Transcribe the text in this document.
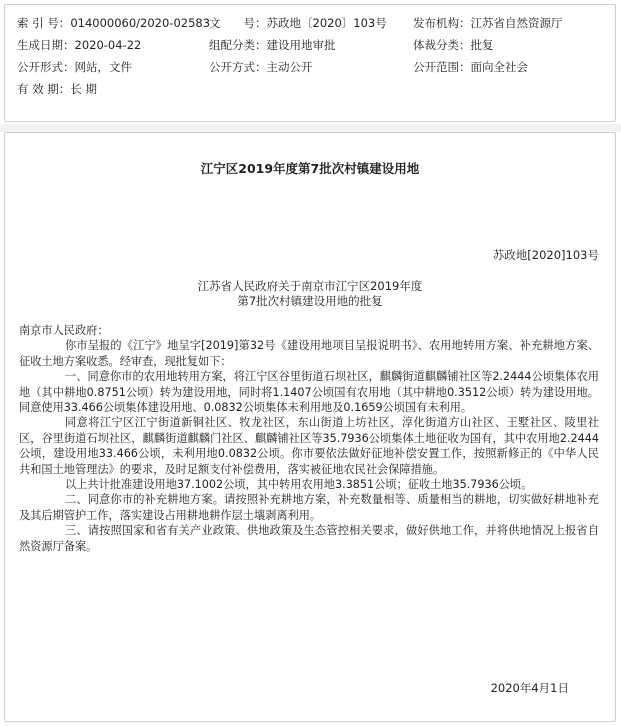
索 引 号：014000060/2020-02583
文　　号：苏政地〔2020〕103号 发布机构：江苏省自然资源厅
生成日期：2020-04-22	组配分类：建设用地审批	体裁分类：批复
公开形式：网站，文件	公开方式：主动公开	公开范围：面向全社会
有 效 期：长 期
江宁区2019年度第7批次村镇建设用地
苏政地[2020]103号
江苏省人民政府关于南京市江宁区2019年度
第7批次村镇建设用地的批复

南京市人民政府：

你市呈报的《江宁》地呈字[2019]第32号《建设用地项目呈报说明书》、农用地转用方案、补充耕地方案、征收土地方案收悉。经审查，现批复如下：

一、同意你市的农用地转用方案，将江宁区谷里街道石坝社区，麒麟街道麒麟铺社区等2.2444公顷集体农用地（其中耕地0.8751公顷）转为建设用地，同时将1.1407公顷国有农用地（其中耕地0.3512公顷）转为建设用地。同意使用33.466公顷集体建设用地、0.0832公顷集体未利用地及0.1659公顷国有未利用。

同意将江宁区江宁街道新铜社区、牧龙社区，东山街道上坊社区，淳化街道方山社区、王墅社区、陵里社区，谷里街道石坝社区，麒麟街道麒麟门社区、麒麟铺社区等35.7936公顷集体土地征收为国有，其中农用地2.2444公顷，建设用地33.466公顷，未利用地0.0832公顷。你市要依法做好征地补偿安置工作，按照新修正的《中华人民共和国土地管理法》的要求，及时足额支付补偿费用，落实被征地农民社会保障措施。

以上共计批准建设用地37.1002公顷，其中转用农用地3.3851公顷；征收土地35.7936公顷。

二、同意你市的补充耕地方案。请按照补充耕地方案，补充数量相等、质量相当的耕地，切实做好耕地补充及其后期管护工作，落实建设占用耕地耕作层土壤剥离利用。

三、请按照国家和省有关产业政策、供地政策及生态管控相关要求，做好供地工作，并将供地情况上报省自然资源厅备案。

2020年4月1日
